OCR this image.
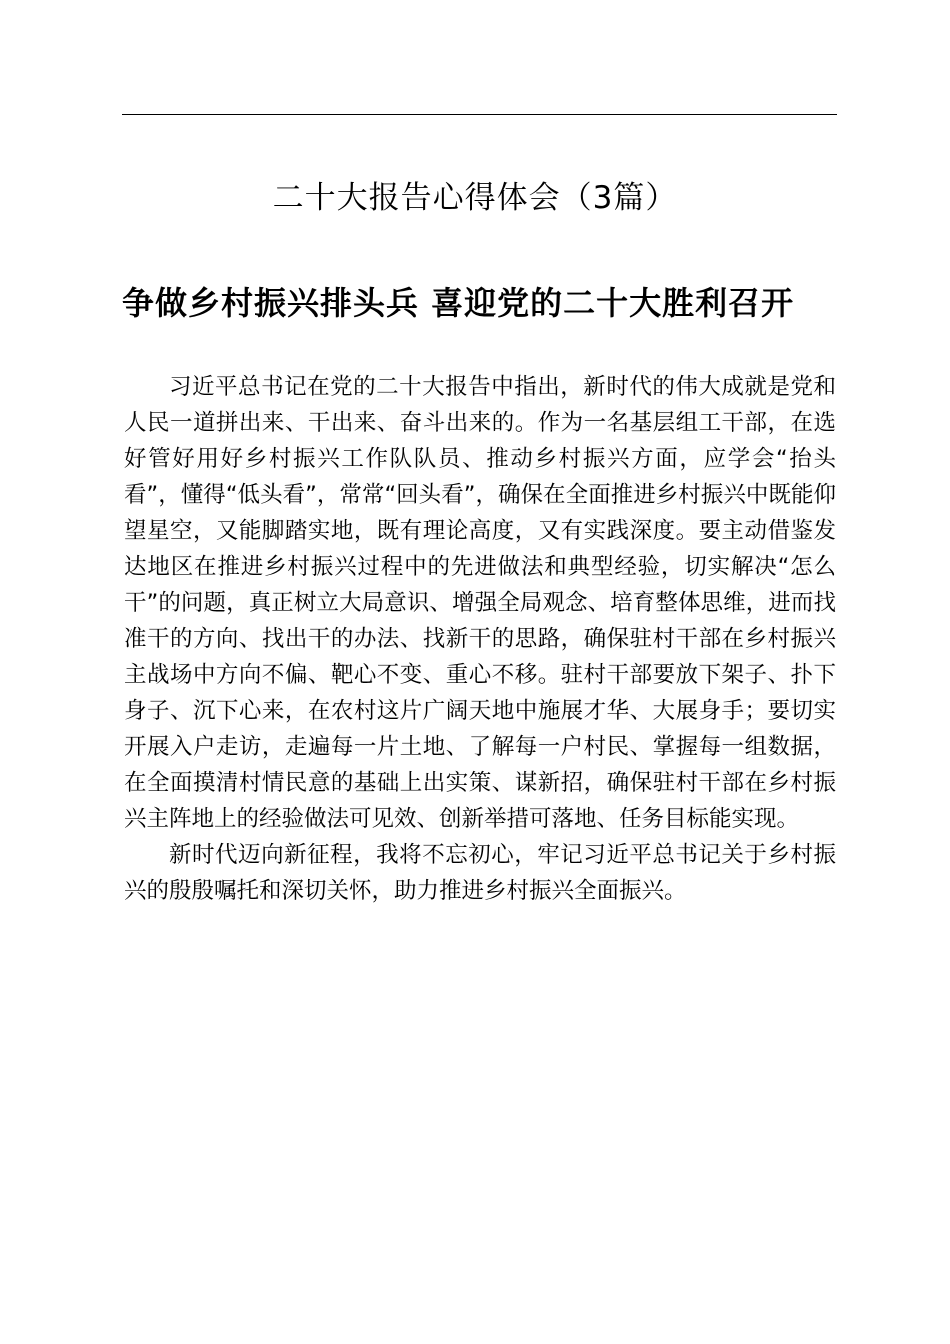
二十大报告心得体会（3篇）
争做乡村振兴排头兵 喜迎党的二十大胜利召开

习近平总书记在党的二十大报告中指出，新时代的伟大成就是党和人民一道拼出来、干出来、奋斗出来的。作为一名基层组工干部，在选好管好用好乡村振兴工作队队员、推动乡村振兴方面，应学会“抬头看”，懂得“低头看”，常常“回头看”，确保在全面推进乡村振兴中既能仰望星空，又能脚踏实地，既有理论高度，又有实践深度。要主动借鉴发达地区在推进乡村振兴过程中的先进做法和典型经验，切实解决“怎么干”的问题，真正树立大局意识、增强全局观念、培育整体思维，进而找准干的方向、找出干的办法、找新干的思路，确保驻村干部在乡村振兴主战场中方向不偏、靶心不变、重心不移。驻村干部要放下架子、扑下身子、沉下心来，在农村这片广阔天地中施展才华、大展身手；要切实开展入户走访，走遍每一片土地、了解每一户村民、掌握每一组数据，在全面摸清村情民意的基础上出实策、谋新招，确保驻村干部在乡村振兴主阵地上的经验做法可见效、创新举措可落地、任务目标能实现。

新时代迈向新征程，我将不忘初心，牢记习近平总书记关于乡村振兴的殷殷嘱托和深切关怀，助力推进乡村振兴全面振兴。
